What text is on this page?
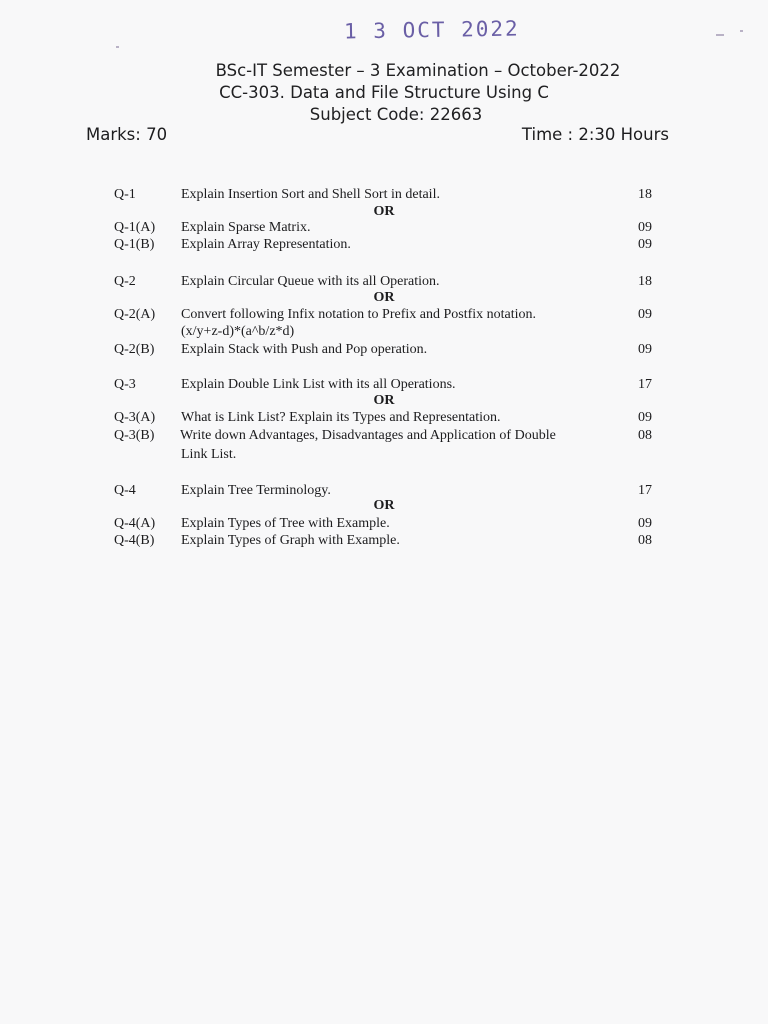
1 3 OCT 2022
BSc-IT Semester – 3 Examination – October-2022
CC-303. Data and File Structure Using C
Subject Code: 22663
Marks: 70	Time : 2:30 Hours
Q-1	Explain Insertion Sort and Shell Sort in detail.	18
OR
Q-1(A) Explain Sparse Matrix.	09
Q-1(B) Explain Array Representation.	09
Q-2	Explain Circular Queue with its all Operation.	18
OR
Q-2(A) Convert following Infix notation to Prefix and Postfix notation.	09
(x/y+z-d)*(a^b/z*d)
Q-2(B) Explain Stack with Push and Pop operation.	09
Q-3	Explain Double Link List with its all Operations.	17
OR
Q-3(A) What is Link List? Explain its Types and Representation.	09
Q-3(B) Write down Advantages, Disadvantages and Application of Double	08
Link List.
Q-4	Explain Tree Terminology.	17
OR
Q-4(A) Explain Types of Tree with Example.	09
Q-4(B) Explain Types of Graph with Example.	08
